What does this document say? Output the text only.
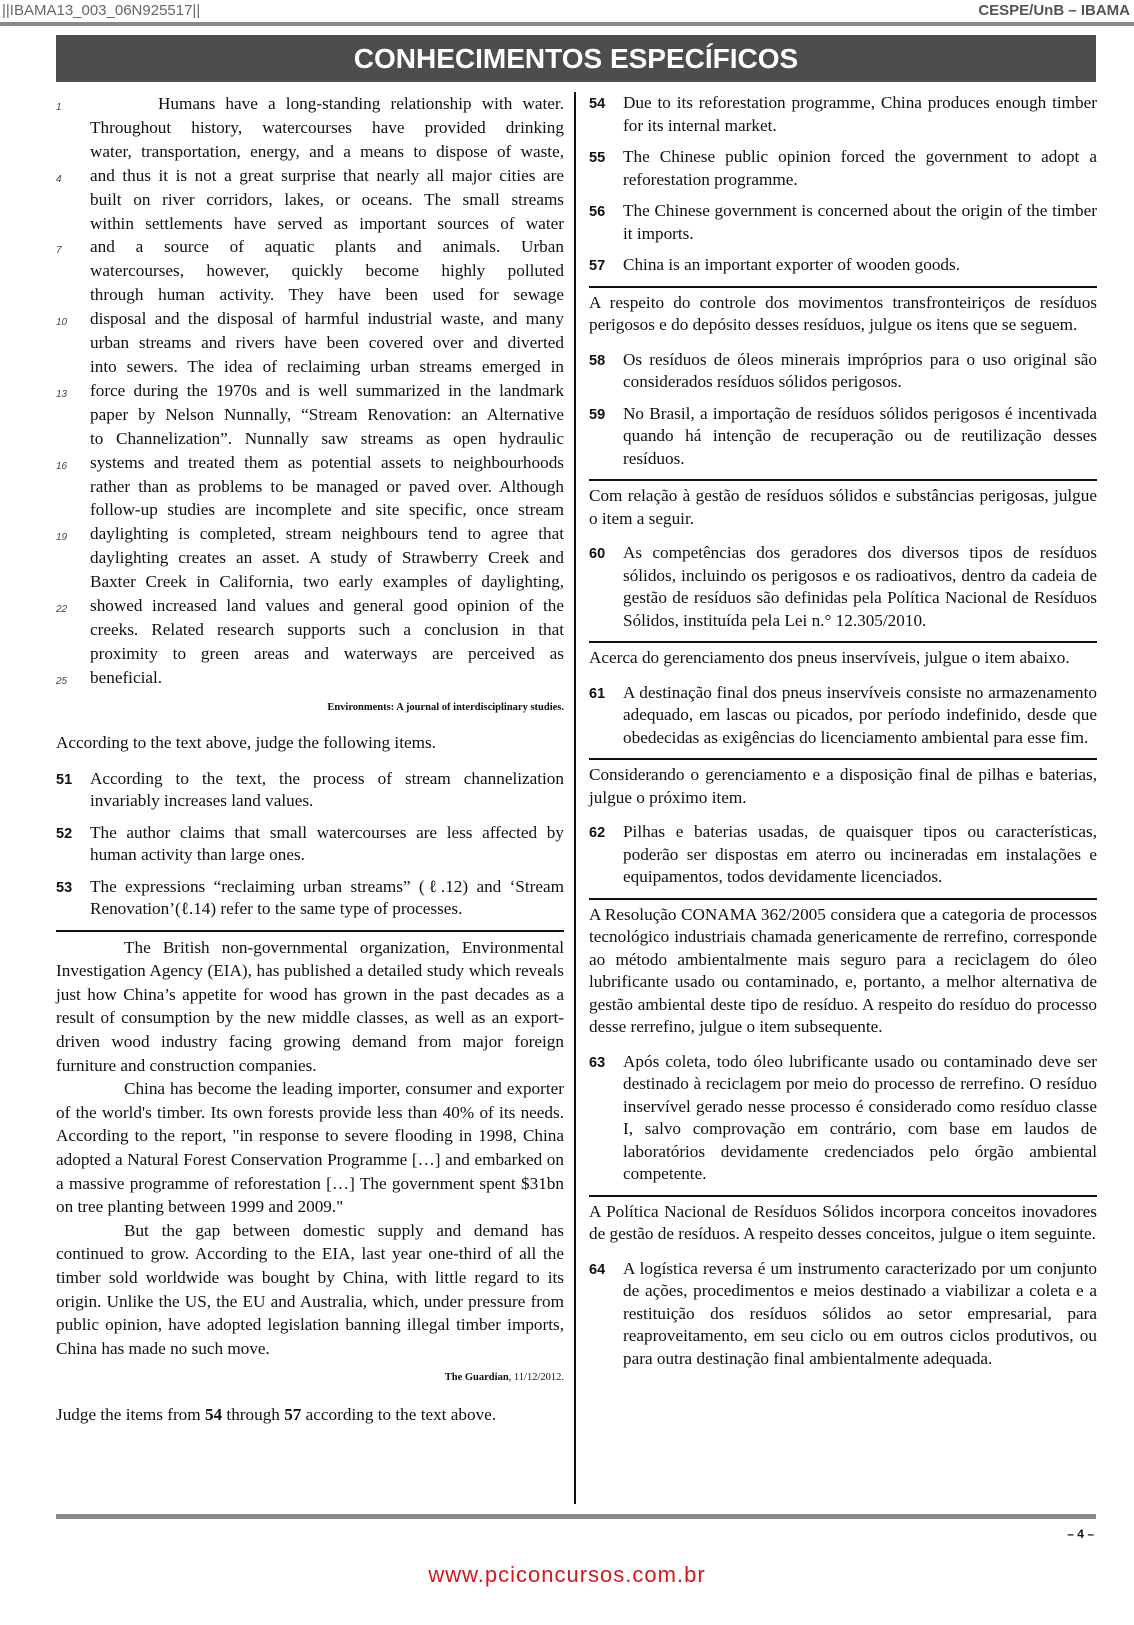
||IBAMA13_003_06N925517||	CESPE/UnB – IBAMA
CONHECIMENTOS ESPECÍFICOS
1	Humans have a long-standing relationship with water.
Throughout history, watercourses have provided drinking
water, transportation, energy, and a means to dispose of waste,
4 and thus it is not a great surprise that nearly all major cities are
built on river corridors, lakes, or oceans. The small streams
within settlements have served as important sources of water
7 and a source of aquatic plants and animals. Urban
watercourses, however, quickly become highly polluted
through human activity. They have been used for sewage
10 disposal and the disposal of harmful industrial waste, and many
urban streams and rivers have been covered over and diverted
into sewers. The idea of reclaiming urban streams emerged in
13 force during the 1970s and is well summarized in the landmark
paper by Nelson Nunnally, “Stream Renovation: an Alternative
to Channelization”. Nunnally saw streams as open hydraulic
16 systems and treated them as potential assets to neighbourhoods
rather than as problems to be managed or paved over. Although
follow-up studies are incomplete and site specific, once stream
19 daylighting is completed, stream neighbours tend to agree that
daylighting creates an asset. A study of Strawberry Creek and
Baxter Creek in California, two early examples of daylighting,
22 showed increased land values and general good opinion of the
creeks. Related research supports such a conclusion in that
proximity to green areas and waterways are perceived as
25 beneficial.
Environments: A journal of interdisciplinary studies.
According to the text above, judge the following items.
51 According to the text, the process of stream channelization invariably increases land values.
52 The author claims that small watercourses are less affected by human activity than large ones.
53 The expressions “reclaiming urban streams” (ℓ.12) and ‘Stream Renovation’(ℓ.14) refer to the same type of processes.
The British non-governmental organization, Environmental Investigation Agency (EIA), has published a detailed study which reveals just how China’s appetite for wood has grown in the past decades as a result of consumption by the new middle classes, as well as an export-driven wood industry facing growing demand from major foreign furniture and construction companies.
China has become the leading importer, consumer and exporter of the world's timber. Its own forests provide less than 40% of its needs. According to the report, "in response to severe flooding in 1998, China adopted a Natural Forest Conservation Programme […] and embarked on a massive programme of reforestation […] The government spent $31bn on tree planting between 1999 and 2009."
But the gap between domestic supply and demand has continued to grow. According to the EIA, last year one-third of all the timber sold worldwide was bought by China, with little regard to its origin. Unlike the US, the EU and Australia, which, under pressure from public opinion, have adopted legislation banning illegal timber imports, China has made no such move.
The Guardian, 11/12/2012.
Judge the items from 54 through 57 according to the text above.
54 Due to its reforestation programme, China produces enough timber for its internal market.
55 The Chinese public opinion forced the government to adopt a reforestation programme.
56 The Chinese government is concerned about the origin of the timber it imports.
57 China is an important exporter of wooden goods.
A respeito do controle dos movimentos transfronteiriços de resíduos perigosos e do depósito desses resíduos, julgue os itens que se seguem.
58 Os resíduos de óleos minerais impróprios para o uso original são considerados resíduos sólidos perigosos.
59 No Brasil, a importação de resíduos sólidos perigosos é incentivada quando há intenção de recuperação ou de reutilização desses resíduos.
Com relação à gestão de resíduos sólidos e substâncias perigosas, julgue o item a seguir.
60 As competências dos geradores dos diversos tipos de resíduos sólidos, incluindo os perigosos e os radioativos, dentro da cadeia de gestão de resíduos são definidas pela Política Nacional de Resíduos Sólidos, instituída pela Lei n.° 12.305/2010.
Acerca do gerenciamento dos pneus inservíveis, julgue o item abaixo.
61 A destinação final dos pneus inservíveis consiste no armazenamento adequado, em lascas ou picados, por período indefinido, desde que obedecidas as exigências do licenciamento ambiental para esse fim.
Considerando o gerenciamento e a disposição final de pilhas e baterias, julgue o próximo item.
62 Pilhas e baterias usadas, de quaisquer tipos ou características, poderão ser dispostas em aterro ou incineradas em instalações e equipamentos, todos devidamente licenciados.
A Resolução CONAMA 362/2005 considera que a categoria de processos tecnológico industriais chamada genericamente de rerrefino, corresponde ao método ambientalmente mais seguro para a reciclagem do óleo lubrificante usado ou contaminado, e, portanto, a melhor alternativa de gestão ambiental deste tipo de resíduo. A respeito do resíduo do processo desse rerrefino, julgue o item subsequente.
63 Após coleta, todo óleo lubrificante usado ou contaminado deve ser destinado à reciclagem por meio do processo de rerrefino. O resíduo inservível gerado nesse processo é considerado como resíduo classe I, salvo comprovação em contrário, com base em laudos de laboratórios devidamente credenciados pelo órgão ambiental competente.
A Política Nacional de Resíduos Sólidos incorpora conceitos inovadores de gestão de resíduos. A respeito desses conceitos, julgue o item seguinte.
64 A logística reversa é um instrumento caracterizado por um conjunto de ações, procedimentos e meios destinado a viabilizar a coleta e a restituição dos resíduos sólidos ao setor empresarial, para reaproveitamento, em seu ciclo ou em outros ciclos produtivos, ou para outra destinação final ambientalmente adequada.
– 4 –
www.pciconcursos.com.br
